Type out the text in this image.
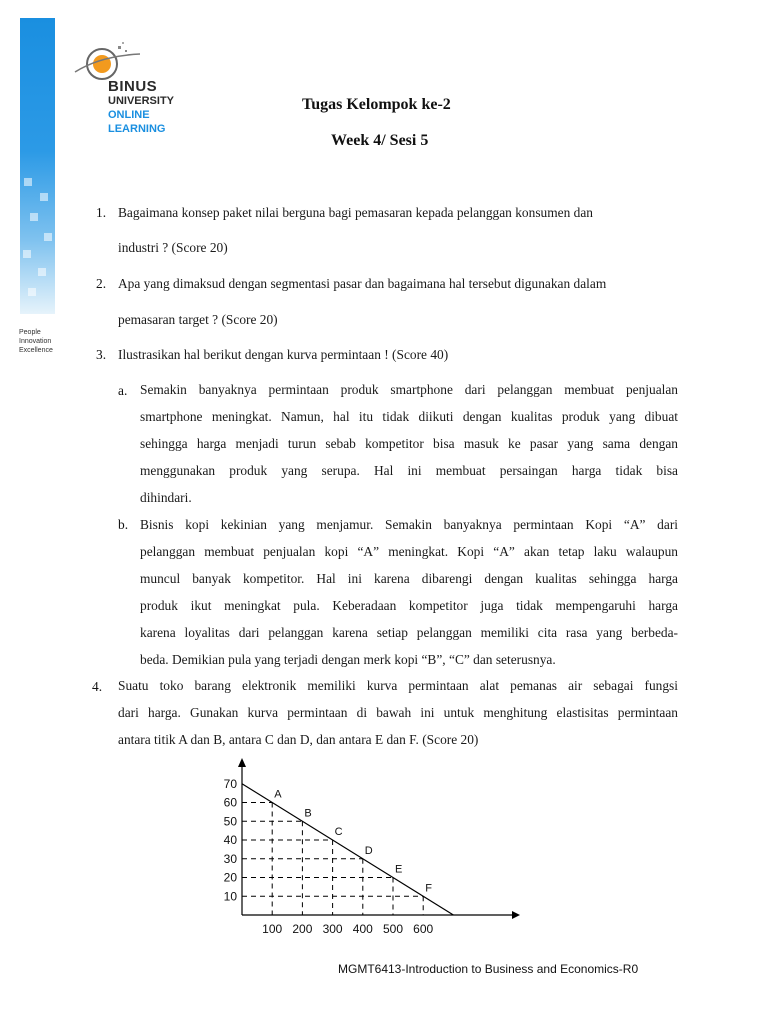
People
Innovation
Excellence
BINUS
UNIVERSITY
ONLINE
LEARNING
Tugas Kelompok ke-2
Week 4/ Sesi 5
1. Bagaimana konsep paket nilai berguna bagi pemasaran kepada pelanggan konsumen dan
industri ? (Score 20)
2. Apa yang dimaksud dengan segmentasi pasar dan bagaimana hal tersebut digunakan dalam
pemasaran target ? (Score 20)
3. Ilustrasikan hal berikut dengan kurva permintaan ! (Score 40)
a. Semakin banyaknya permintaan produk smartphone dari pelanggan membuat penjualan
smartphone meningkat. Namun, hal itu tidak diikuti dengan kualitas produk yang dibuat
sehingga harga menjadi turun sebab kompetitor bisa masuk ke pasar yang sama dengan
menggunakan produk yang serupa. Hal ini membuat persaingan harga tidak bisa
dihindari.
b. Bisnis kopi kekinian yang menjamur. Semakin banyaknya permintaan Kopi “A” dari
pelanggan membuat penjualan kopi “A” meningkat. Kopi “A” akan tetap laku walaupun
muncul banyak kompetitor. Hal ini karena dibarengi dengan kualitas sehingga harga
produk ikut meningkat pula. Keberadaan kompetitor juga tidak mempengaruhi harga
karena loyalitas dari pelanggan karena setiap pelanggan memiliki cita rasa yang berbeda-
beda. Demikian pula yang terjadi dengan merk kopi “B”, “C” dan seterusnya.
4. Suatu toko barang elektronik memiliki kurva permintaan alat pemanas air sebagai fungsi
dari harga. Gunakan kurva permintaan di bawah ini untuk menghitung elastisitas permintaan
antara titik A dan B, antara C dan D, dan antara E dan F. (Score 20)
10
20
30
40
50
60
70
100 200 300 400 500 600
A
B
C
D
E
F
MGMT6413-Introduction to Business and Economics-R0
